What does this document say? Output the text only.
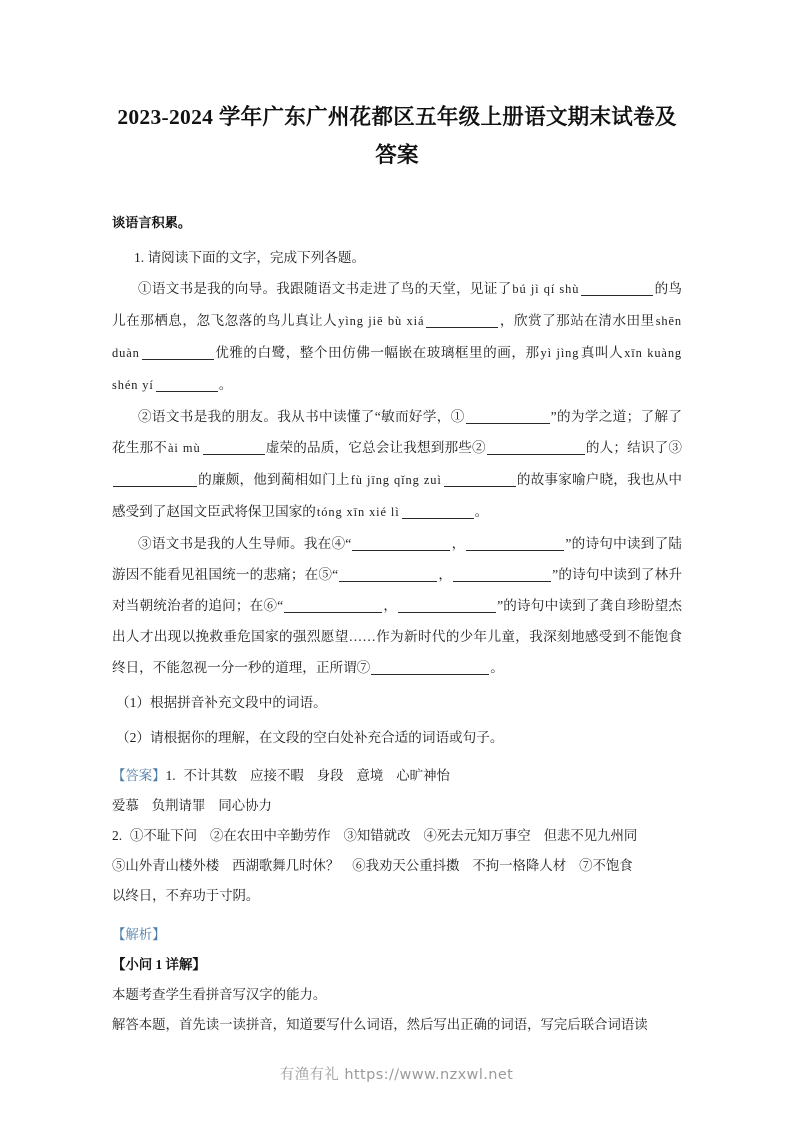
2023-2024 学年广东广州花都区五年级上册语文期末试卷及
答案

谈语言积累。

1. 请阅读下面的文字，完成下列各题。

①语文书是我的向导。我跟随语文书走进了鸟的天堂，见证了bú jì qí shù	的鸟儿在那栖息，忽飞忽落的鸟儿真让人yìng jiē bù xiá	，欣赏了那站在清水田里shēn duàn	优雅的白鹭，整个田仿佛一幅嵌在玻璃框里的画，那yì jìng真叫人xīn kuàng shén yí	。

②语文书是我的朋友。我从书中读懂了“敏而好学，①	”的为学之道；了解了花生那不ài mù	虚荣的品质，它总会让我想到那些②	的人；结识了③的廉颇，他到蔺相如门上fù jīng qǐng zuì	的故事家喻户晓，我也从中感受到了赵国文臣武将保卫国家的tóng xīn xié lì	。

③语文书是我的人生导师。我在④“	，	”的诗句中读到了陆游因不能看见祖国统一的悲痛；在⑤“	，	”的诗句中读到了林升对当朝统治者的追问；在⑥“	，	”的诗句中读到了龚自珍盼望杰出人才出现以挽救垂危国家的强烈愿望……作为新时代的少年儿童，我深刻地感受到不能饱食终日，不能忽视一分一秒的道理，正所谓⑦	。

（1）根据拼音补充文段中的词语。

（2）请根据你的理解，在文段的空白处补充合适的词语或句子。

【答案】1. 不计其数 应接不暇 身段 意境 心旷神怡

爱慕 负荆请罪 同心协力

2. ①不耻下问 ②在农田中辛勤劳作 ③知错就改 ④死去元知万事空 但悲不见九州同

⑤山外青山楼外楼 西湖歌舞几时休？ ⑥我劝天公重抖擞 不拘一格降人材 ⑦不饱食

以终日，不弃功于寸阴。

【解析】

【小问 1 详解】

本题考查学生看拼音写汉字的能力。

解答本题，首先读一读拼音，知道要写什么词语，然后写出正确的词语，写完后联合词语读

有渔有礼 https://www.nzxwl.net
